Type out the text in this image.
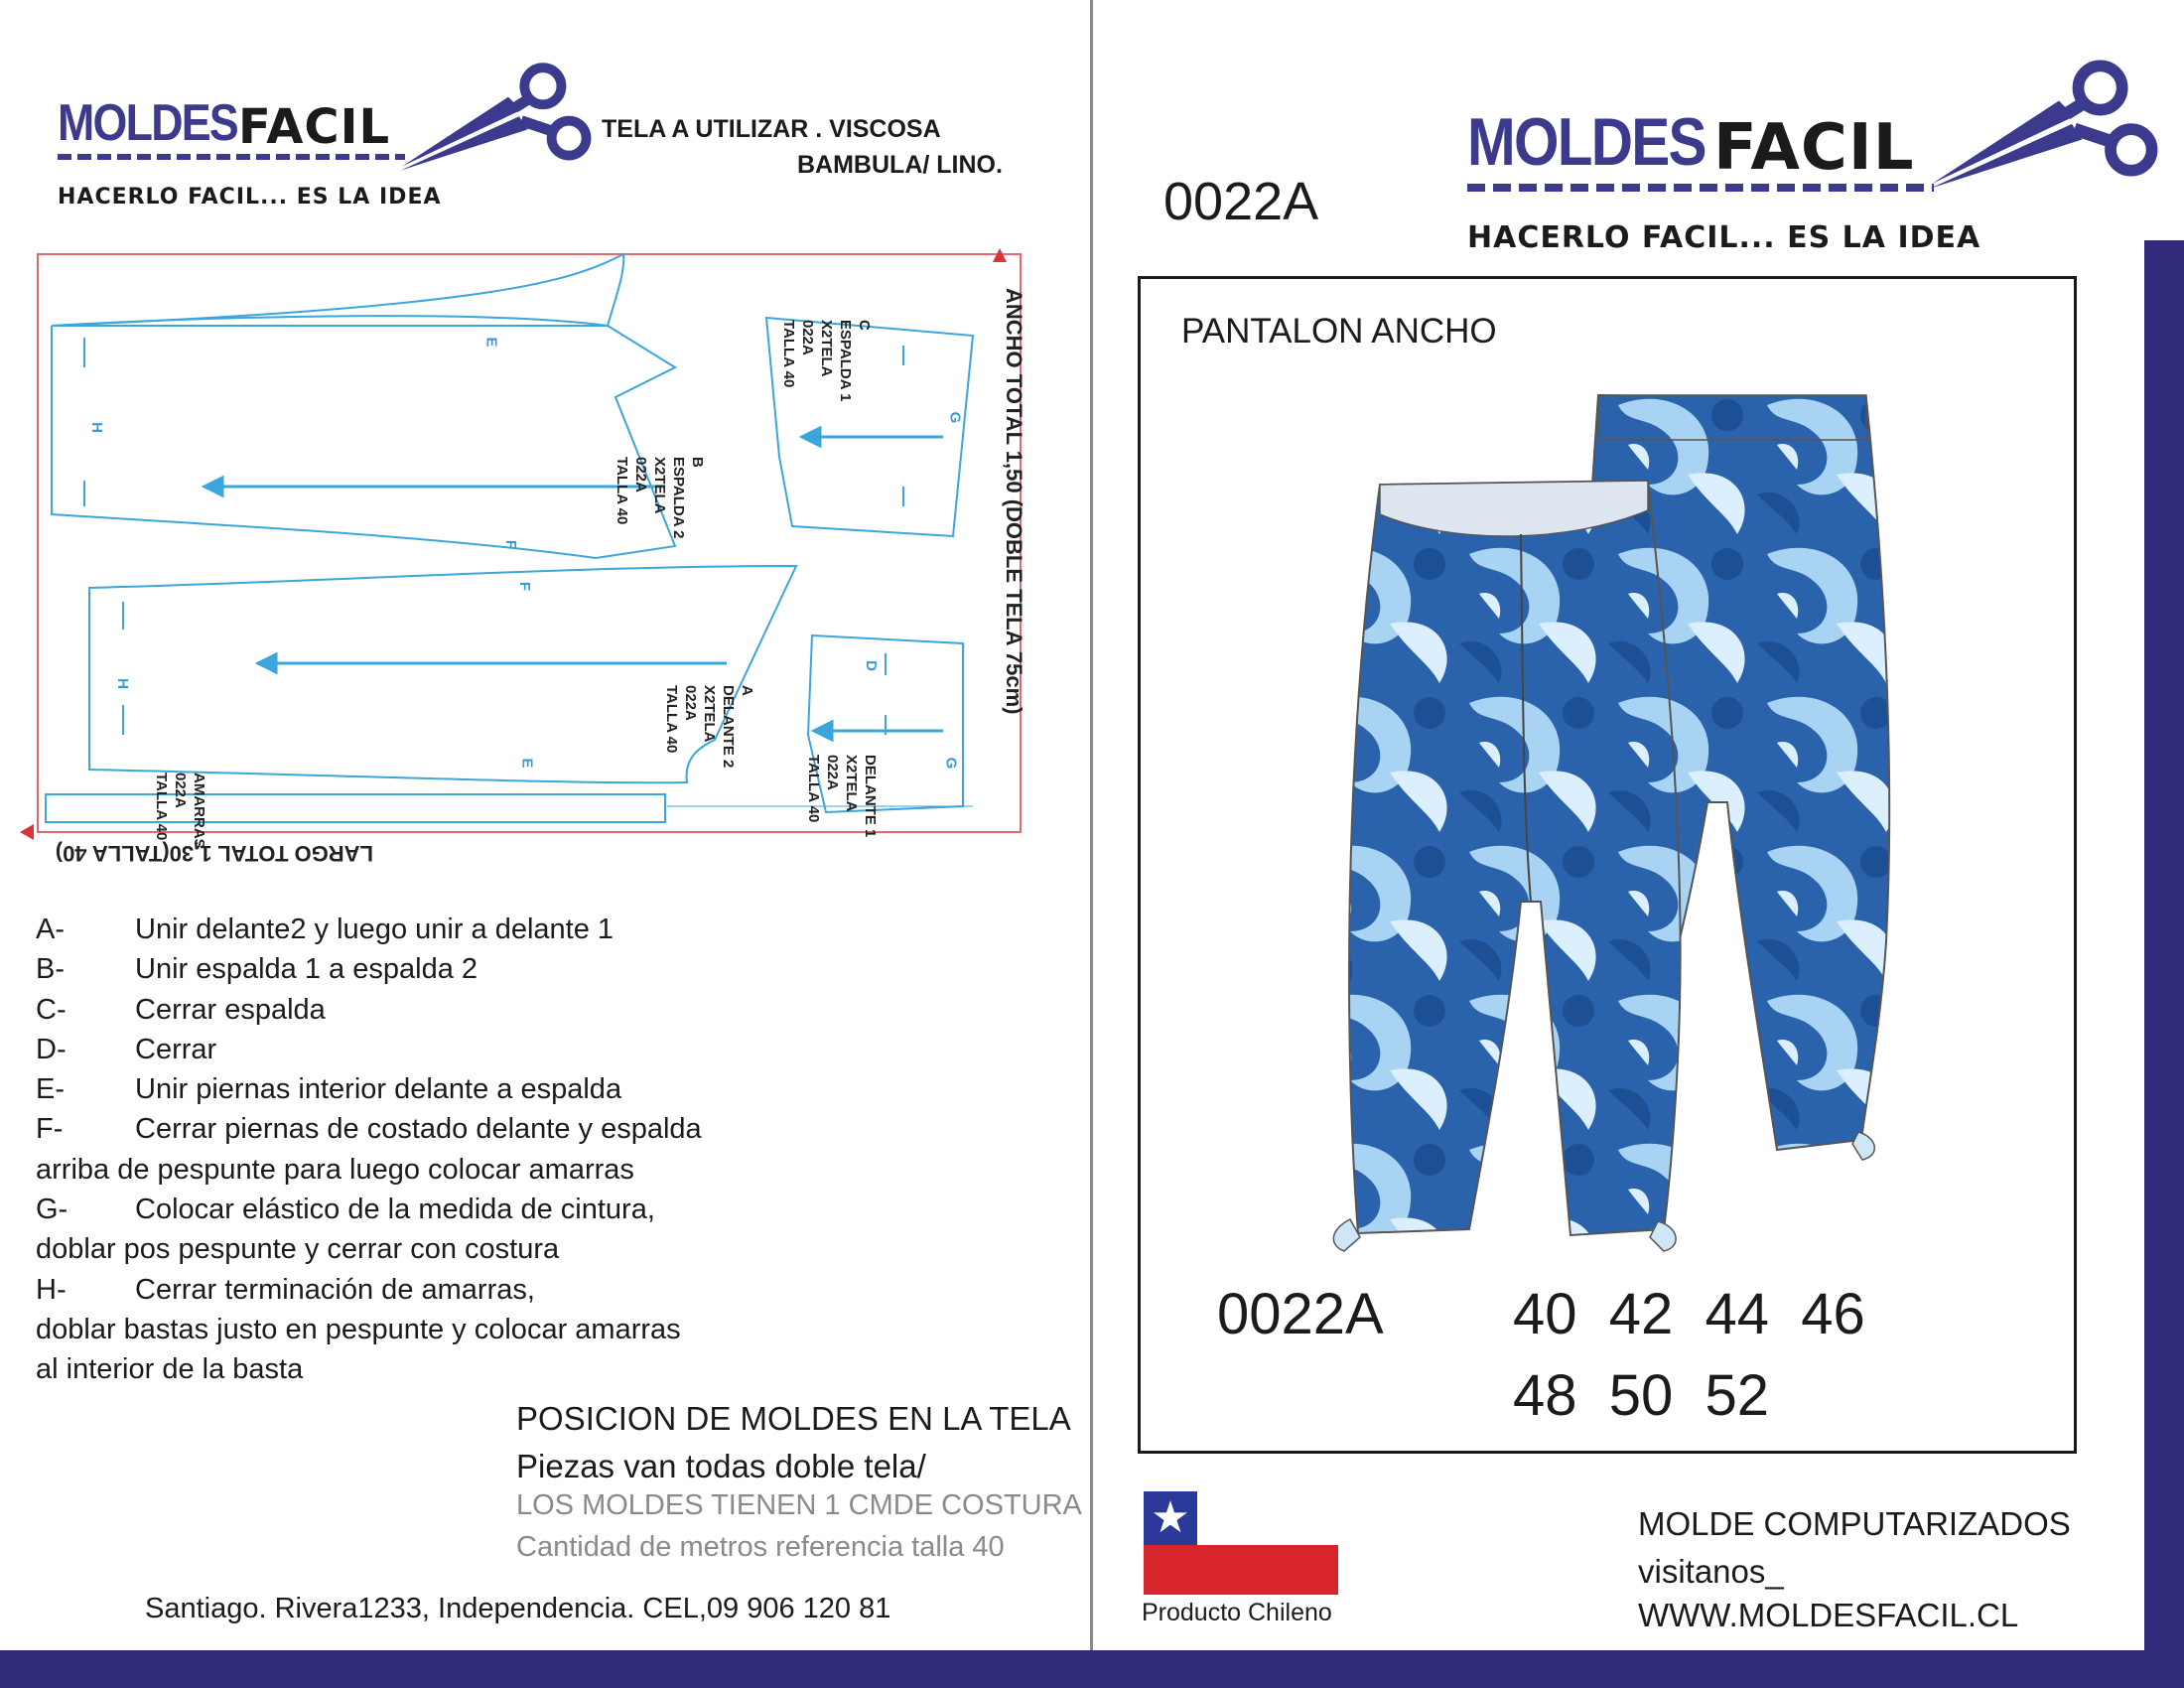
MOLDES FACIL
HACERLO FACIL... ES LA IDEA
TELA A UTILIZAR . VISCOSA
BAMBULA/ LINO.
ANCHO TOTAL 1,50 (DOBLE TELA 75cm)
LARGO TOTAL 1,30(TALLA 40)
B
ESPALDA 2
X2TELA
022A
TALLA 40
C
ESPALDA 1
X2TELA
022A
TALLA 40
A
DELANTE 2
X2TELA
022A
TALLA 40
DELANTE 1
X2TELA
022A
TALLA 40
AMARRAS
022A
TALLA 40
E
F
F
E
H
H
G
G
D
A- Unir delante2 y luego unir a delante 1
B- Unir espalda 1 a espalda 2
C- Cerrar espalda
D- Cerrar
E- Unir piernas interior delante a espalda
F-	Cerrar piernas de costado delante y espalda
arriba de pespunte para luego colocar amarras
G- Colocar elástico de la medida de cintura,
doblar pos pespunte y cerrar con costura
H- Cerrar terminación de amarras,
doblar bastas justo en pespunte y colocar amarras
al interior de la basta
POSICION DE MOLDES EN LA TELA
Piezas van todas doble tela/
LOS MOLDES TIENEN 1 CMDE COSTURA
Cantidad de metros referencia talla 40
Santiago. Rivera1233, Independencia. CEL,09 906 120 81
MOLDES FACIL
HACERLO FACIL... ES LA IDEA
0022A
PANTALON ANCHO
0022A 40  42  44  46
48  50  52
★
Producto Chileno
MOLDE COMPUTARIZADOS
visitanos_
WWW.MOLDESFACIL.CL
